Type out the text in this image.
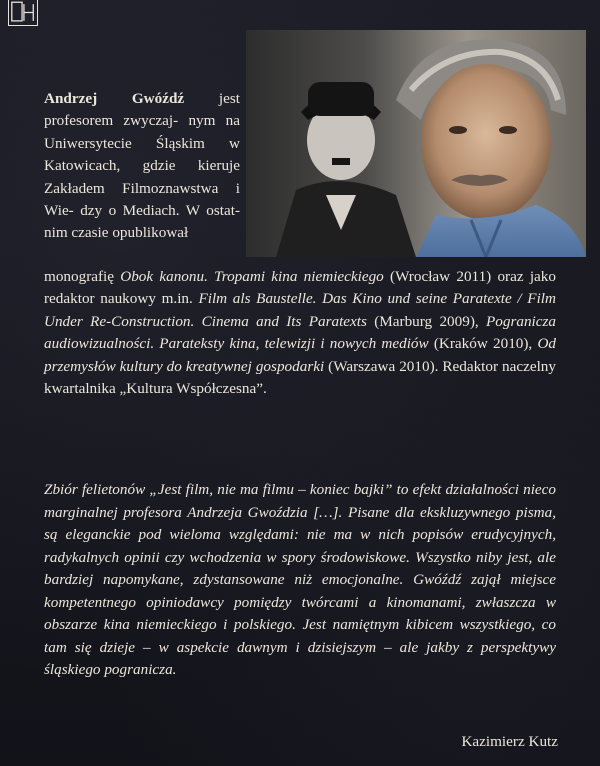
Andrzej Gwóźdź jest profesorem zwyczaj- nym na Uniwersytecie Śląskim w Katowicach, gdzie kieruje Zakładem Filmoznawstwa i Wie- dzy o Mediach. W ostat- nim czasie opublikował

monografię Obok kanonu. Tropami kina niemieckiego (Wrocław 2011) oraz jako redaktor naukowy m.in. Film als Baustelle. Das Kino und seine Paratexte / Film Under Re-Construction. Cinema and Its Paratexts (Marburg 2009), Pogranicza audiowizualności. Parateksty kina, telewizji i nowych mediów (Kraków 2010), Od przemysłów kultury do kreatywnej gospodarki (Warszawa 2010). Redaktor naczelny kwartalnika „Kultura Współczesna”.

Zbiór felietonów „Jest film, nie ma filmu – koniec bajki” to efekt działalności nieco marginalnej profesora Andrzeja Gwoździa […]. Pisane dla ekskluzywnego pisma, są eleganckie pod wieloma względami: nie ma w nich popisów erudycyjnych, radykalnych opinii czy wchodzenia w spory środowiskowe. Wszystko niby jest, ale bardziej napomykane, zdystansowane niż emocjonalne. Gwóźdź zajął miejsce kompetentnego opiniodawcy pomiędzy twórcami a kinomanami, zwłaszcza w obszarze kina niemieckiego i polskiego. Jest namiętnym kibicem wszystkiego, co tam się dzieje – w aspekcie dawnym i dzisiejszym – ale jakby z perspektywy śląskiego pogranicza.

Kazimierz Kutz
